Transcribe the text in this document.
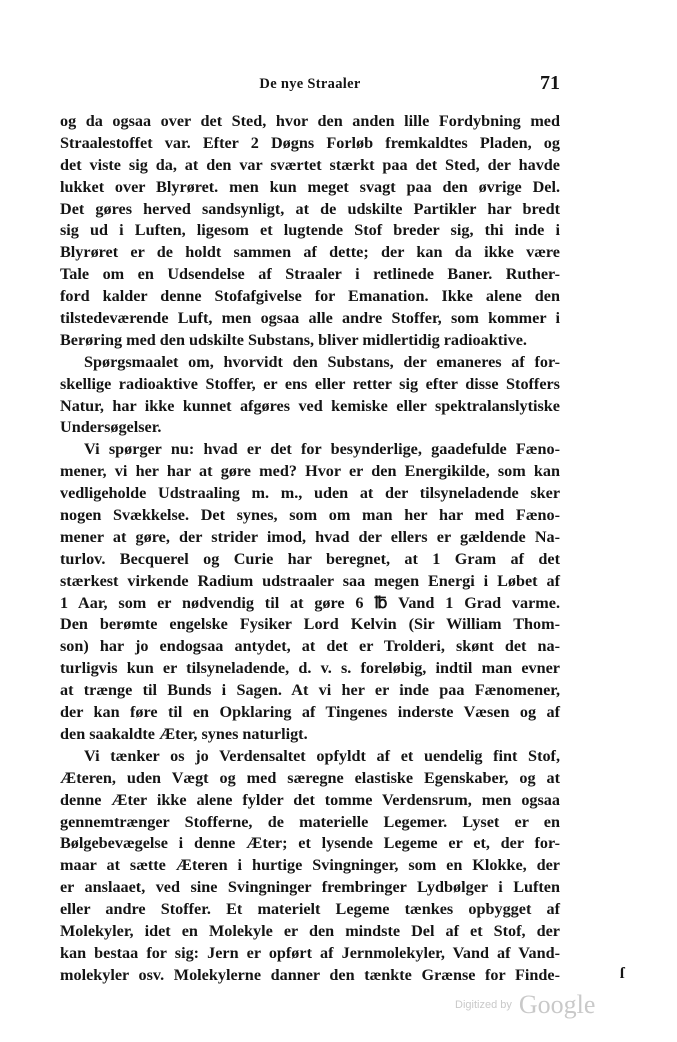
De nye Straaler	71
og da ogsaa over det Sted, hvor den anden lille Fordybning med
Straalestoffet var. Efter 2 Døgns Forløb fremkaldtes Pladen, og
det viste sig da, at den var sværtet stærkt paa det Sted, der havde
lukket over Blyrøret. men kun meget svagt paa den øvrige Del.
Det gøres herved sandsynligt, at de udskilte Partikler har bredt
sig ud i Luften, ligesom et lugtende Stof breder sig, thi inde i
Blyrøret er de holdt sammen af dette; der kan da ikke være
Tale om en Udsendelse af Straaler i retlinede Baner. Ruther-
ford kalder denne Stofafgivelse for Emanation. Ikke alene den
tilstedeværende Luft, men ogsaa alle andre Stoffer, som kommer i
Berøring med den udskilte Substans, bliver midlertidig radioaktive.
Spørgsmaalet om, hvorvidt den Substans, der emaneres af for-
skellige radioaktive Stoffer, er ens eller retter sig efter disse Stoffers
Natur, har ikke kunnet afgøres ved kemiske eller spektralanslytiske
Undersøgelser.
Vi spørger nu: hvad er det for besynderlige, gaadefulde Fæno-
mener, vi her har at gøre med? Hvor er den Energikilde, som kan
vedligeholde Udstraaling m. m., uden at der tilsyneladende sker
nogen Svækkelse. Det synes, som om man her har med Fæno-
mener at gøre, der strider imod, hvad der ellers er gældende Na-
turlov. Becquerel og Curie har beregnet, at 1 Gram af det
stærkest virkende Radium udstraaler saa megen Energi i Løbet af
1 Aar, som er nødvendig til at gøre 6 ℔ Vand 1 Grad varme.
Den berømte engelske Fysiker Lord Kelvin (Sir William Thom-
son) har jo endogsaa antydet, at det er Trolderi, skønt det na-
turligvis kun er tilsyneladende, d. v. s. foreløbig, indtil man evner
at trænge til Bunds i Sagen. At vi her er inde paa Fænomener,
der kan føre til en Opklaring af Tingenes inderste Væsen og af
den saakaldte Æter, synes naturligt.
Vi tænker os jo Verdensaltet opfyldt af et uendelig fint Stof,
Æteren, uden Vægt og med særegne elastiske Egenskaber, og at
denne Æter ikke alene fylder det tomme Verdensrum, men ogsaa
gennemtrænger Stofferne, de materielle Legemer. Lyset er en
Bølgebevægelse i denne Æter; et lysende Legeme er et, der for-
maar at sætte Æteren i hurtige Svingninger, som en Klokke, der
er anslaaet, ved sine Svingninger frembringer Lydbølger i Luften
eller andre Stoffer. Et materielt Legeme tænkes opbygget af
Molekyler, idet en Molekyle er den mindste Del af et Stof, der
kan bestaa for sig: Jern er opført af Jernmolekyler, Vand af Vand-
molekyler osv. Molekylerne danner den tænkte Grænse for Finde-	ſ
Digitized by Google
